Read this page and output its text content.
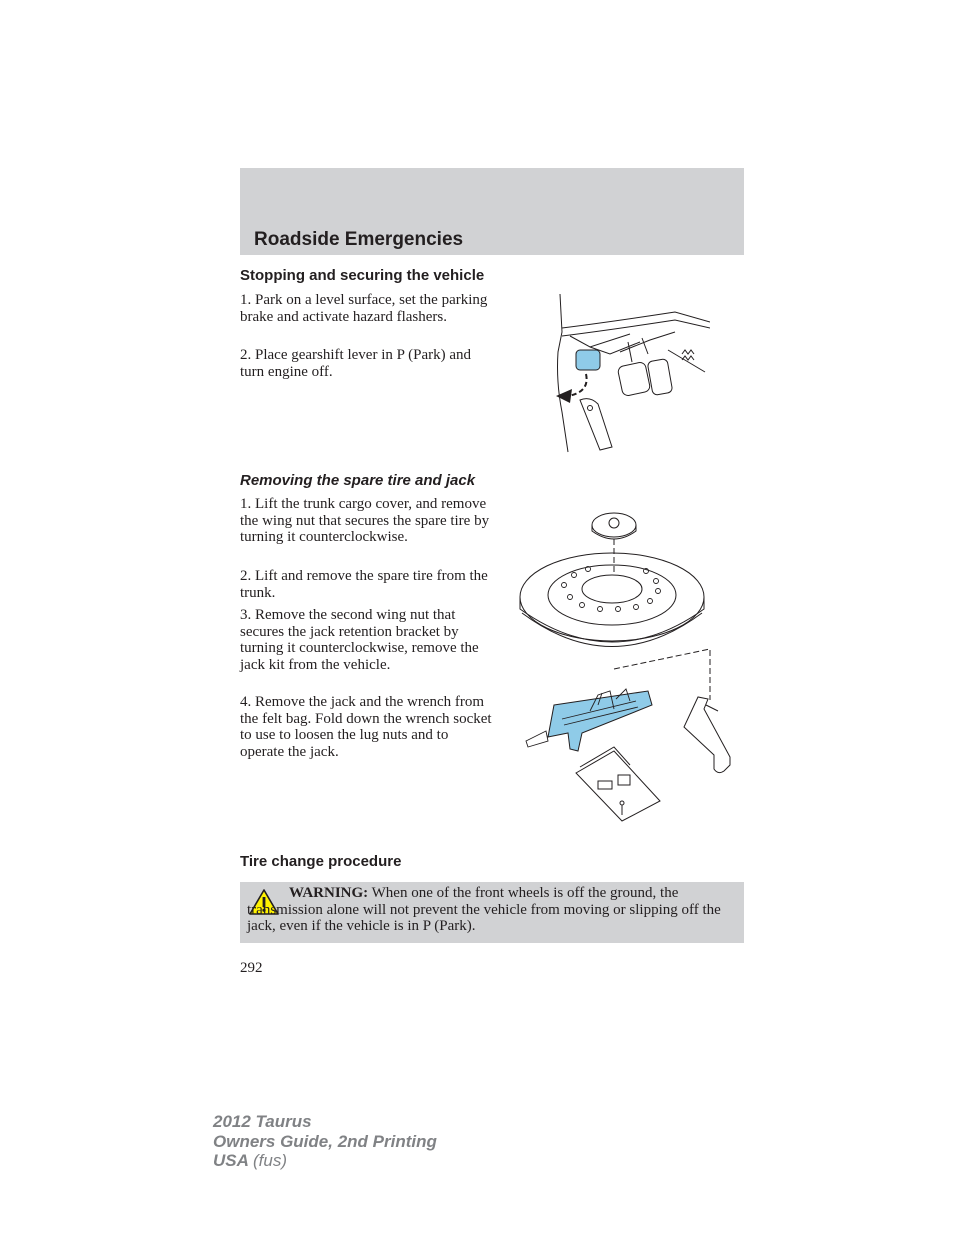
Roadside Emergencies
Stopping and securing the vehicle

1. Park on a level surface, set the parking brake and activate hazard flashers.

2. Place gearshift lever in P (Park) and turn engine off.

Removing the spare tire and jack

1. Lift the trunk cargo cover, and remove the wing nut that secures the spare tire by turning it counterclockwise.

2. Lift and remove the spare tire from the trunk.

3. Remove the second wing nut that secures the jack retention bracket by turning it counterclockwise, remove the jack kit from the vehicle.

4. Remove the jack and the wrench from the felt bag. Fold down the wrench socket to use to loosen the lug nuts and to operate the jack.

Tire change procedure

WARNING: When one of the front wheels is off the ground, the transmission alone will not prevent the vehicle from moving or slipping off the jack, even if the vehicle is in P (Park).

292
2012 Taurus
Owners Guide, 2nd Printing
USA (fus)
